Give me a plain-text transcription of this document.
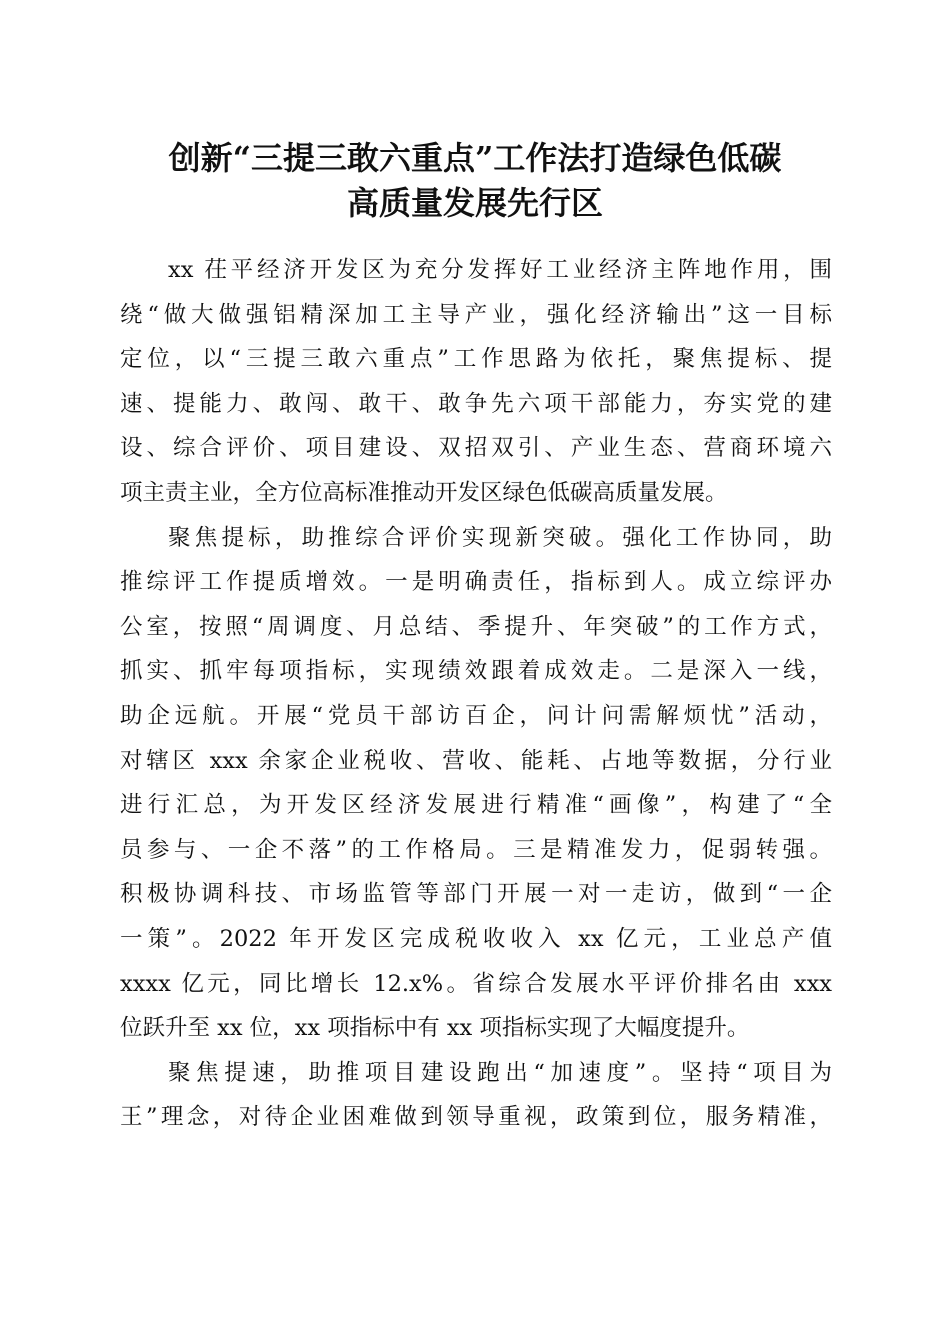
创新“三提三敢六重点”工作法打造绿色低碳
高质量发展先行区
xx 茌平经济开发区为充分发挥好工业经济主阵地作用，围
绕“做大做强铝精深加工主导产业，强化经济输出”这一目标
定位，以“三提三敢六重点”工作思路为依托，聚焦提标、提
速、提能力、敢闯、敢干、敢争先六项干部能力，夯实党的建
设、综合评价、项目建设、双招双引、产业生态、营商环境六
项主责主业，全方位高标准推动开发区绿色低碳高质量发展。
聚焦提标，助推综合评价实现新突破。强化工作协同，助
推综评工作提质增效。一是明确责任，指标到人。成立综评办
公室，按照“周调度、月总结、季提升、年突破”的工作方式，
抓实、抓牢每项指标，实现绩效跟着成效走。二是深入一线，
助企远航。开展“党员干部访百企，问计问需解烦忧”活动，
对辖区 xxx 余家企业税收、营收、能耗、占地等数据，分行业
进行汇总，为开发区经济发展进行精准“画像”，构建了“全
员参与、一企不落”的工作格局。三是精准发力，促弱转强。
积极协调科技、市场监管等部门开展一对一走访，做到“一企
一策”。2022 年开发区完成税收收入 xx 亿元，工业总产值
xxxx 亿元，同比增长 12.x%。省综合发展水平评价排名由 xxx
位跃升至 xx 位，xx 项指标中有 xx 项指标实现了大幅度提升。
聚焦提速，助推项目建设跑出“加速度”。坚持“项目为
王”理念，对待企业困难做到领导重视，政策到位，服务精准，
